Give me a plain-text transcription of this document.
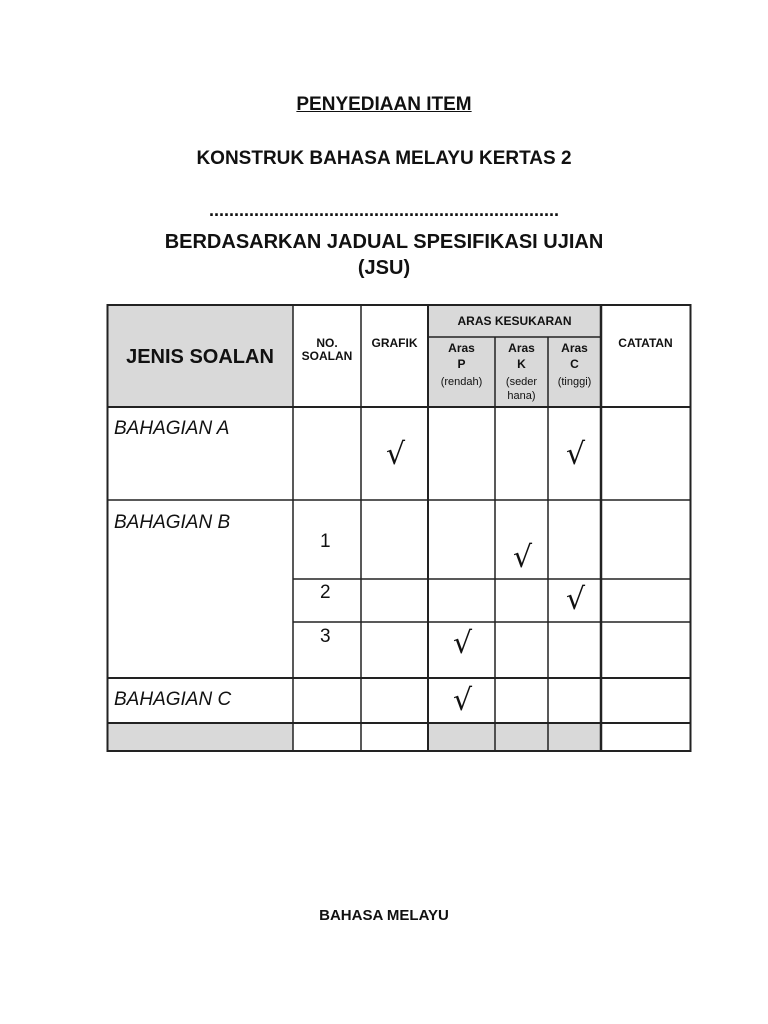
PENYEDIAAN ITEM
KONSTRUK BAHASA MELAYU KERTAS 2
......................................................................
BERDASARKAN JADUAL SPESIFIKASI UJIAN
(JSU)
JENIS SOALAN
NO.
SOALAN
GRAFIK
ARAS KESUKARAN
Aras
P
(rendah)
Aras
K
(seder
hana)
Aras
C
(tinggi)
CATATAN
BAHAGIAN A
BAHAGIAN B
BAHAGIAN C
1
2
3
√	√
√
√
√
√
BAHASA MELAYU
